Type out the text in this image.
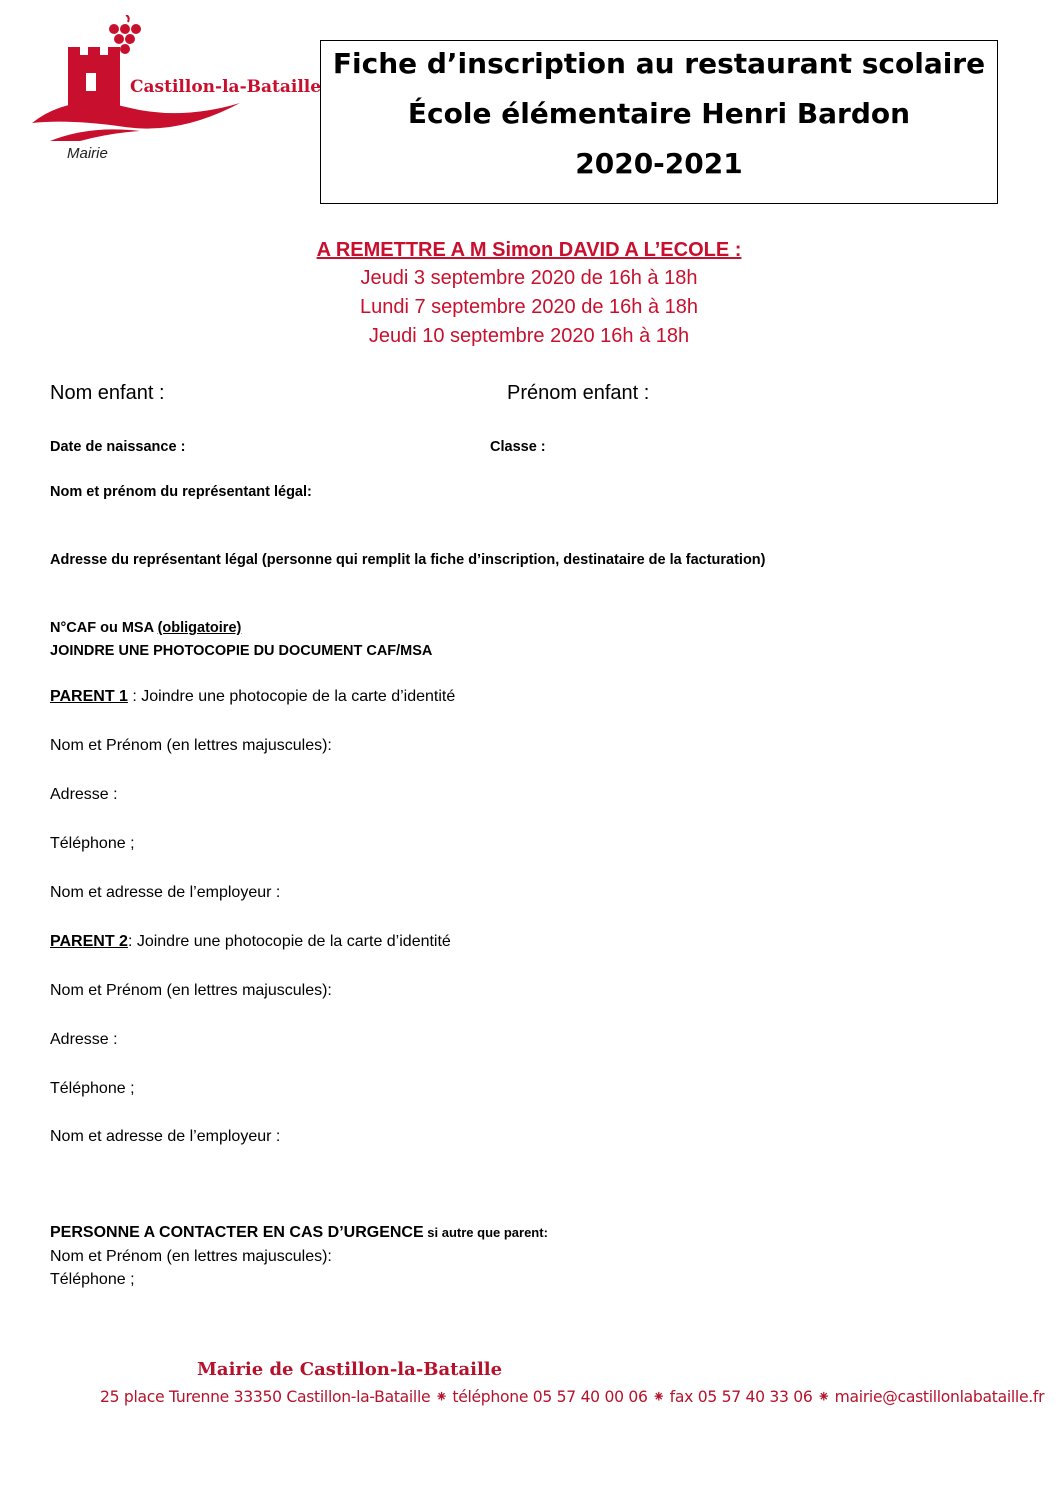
Castillon-la-Bataille
Mairie
Fiche d’inscription au restaurant scolaire
École élémentaire Henri Bardon
2020-2021
A REMETTRE A M Simon DAVID A L’ECOLE :
Jeudi 3 septembre 2020 de 16h à 18h
Lundi 7 septembre 2020 de 16h à 18h
Jeudi 10 septembre 2020 16h à 18h
Nom enfant :	Prénom enfant :
Date de naissance :	Classe :
Nom et prénom du représentant légal:
Adresse du représentant légal (personne qui remplit la fiche d’inscription, destinataire de la facturation)
N°CAF ou MSA (obligatoire)
JOINDRE UNE PHOTOCOPIE DU DOCUMENT CAF/MSA
PARENT 1 : Joindre une photocopie de la carte d’identité
Nom et Prénom (en lettres majuscules):
Adresse :
Téléphone ;
Nom et adresse de l’employeur :
PARENT 2: Joindre une photocopie de la carte d’identité
Nom et Prénom (en lettres majuscules):
Adresse :
Téléphone ;
Nom et adresse de l’employeur :
PERSONNE A CONTACTER EN CAS D’URGENCE si autre que parent:
Nom et Prénom (en lettres majuscules):
Téléphone ;
Mairie de Castillon-la-Bataille
25 place Turenne 33350 Castillon-la-Bataille ⁕ téléphone 05 57 40 00 06 ⁕ fax 05 57 40 33 06 ⁕ mairie@castillonlabataille.fr
